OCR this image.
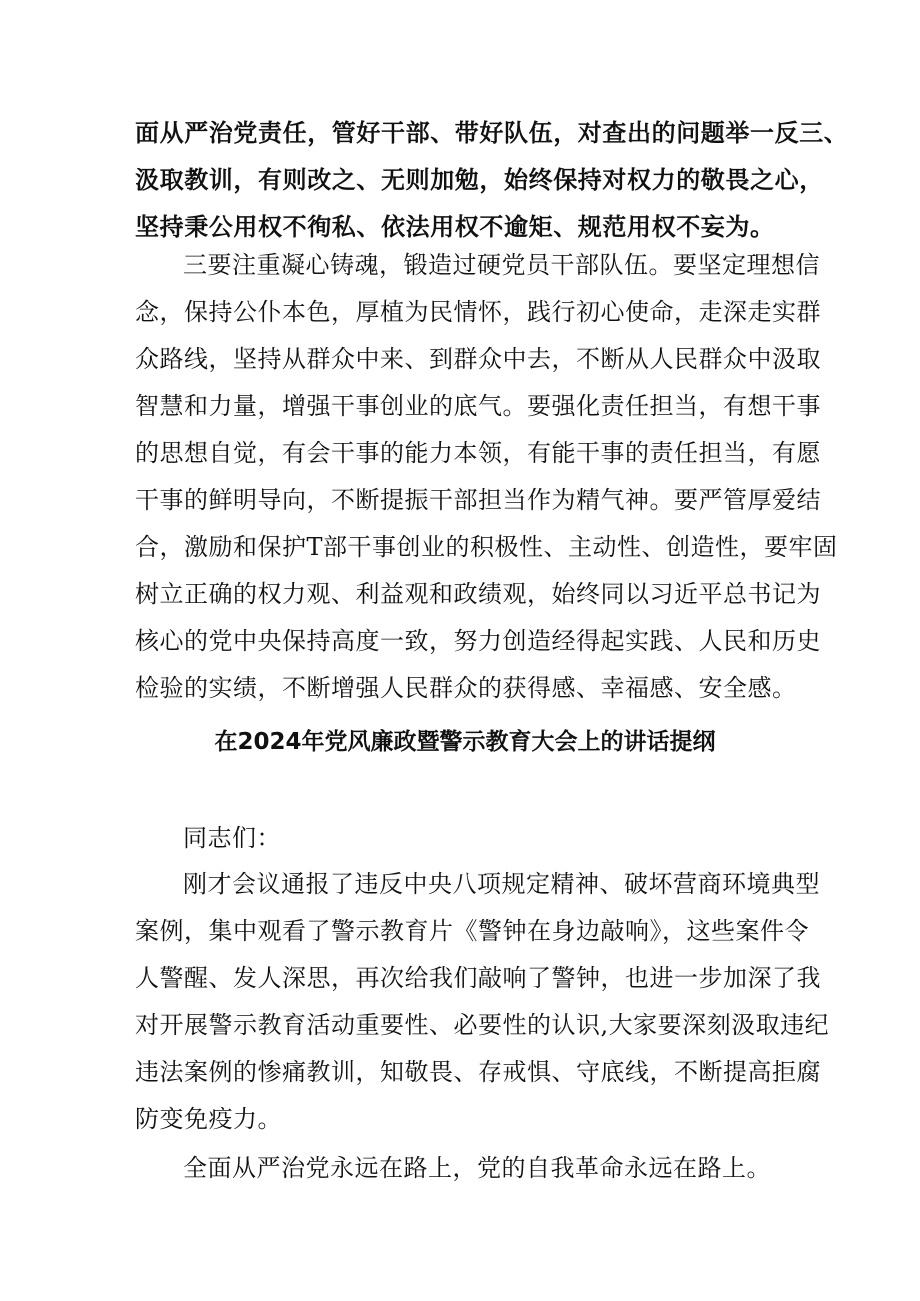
面从严治党责任，管好干部、带好队伍，对查出的问题举一反三、
汲取教训，有则改之、无则加勉，始终保持对权力的敬畏之心，
坚持秉公用权不徇私、依法用权不逾矩、规范用权不妄为。
三要注重凝心铸魂，锻造过硬党员干部队伍。要坚定理想信
念，保持公仆本色，厚植为民情怀，践行初心使命，走深走实群
众路线，坚持从群众中来、到群众中去，不断从人民群众中汲取
智慧和力量，增强干事创业的底气。要强化责任担当，有想干事
的思想自觉，有会干事的能力本领，有能干事的责任担当，有愿
干事的鲜明导向，不断提振干部担当作为精气神。要严管厚爱结
合，激励和保护T部干事创业的积极性、主动性、创造性，要牢固
树立正确的权力观、利益观和政绩观，始终同以习近平总书记为
核心的党中央保持高度一致，努力创造经得起实践、人民和历史
检验的实绩，不断增强人民群众的获得感、幸福感、安全感。
在2024年党风廉政暨警示教育大会上的讲话提纲
同志们：
刚才会议通报了违反中央八项规定精神、破坏营商环境典型
案例，集中观看了警示教育片《警钟在身边敲响》，这些案件令
人警醒、发人深思，再次给我们敲响了警钟，也进一步加深了我
对开展警示教育活动重要性、必要性的认识,大家要深刻汲取违纪
违法案例的惨痛教训，知敬畏、存戒惧、守底线，不断提高拒腐
防变免疫力。
全面从严治党永远在路上，党的自我革命永远在路上。
